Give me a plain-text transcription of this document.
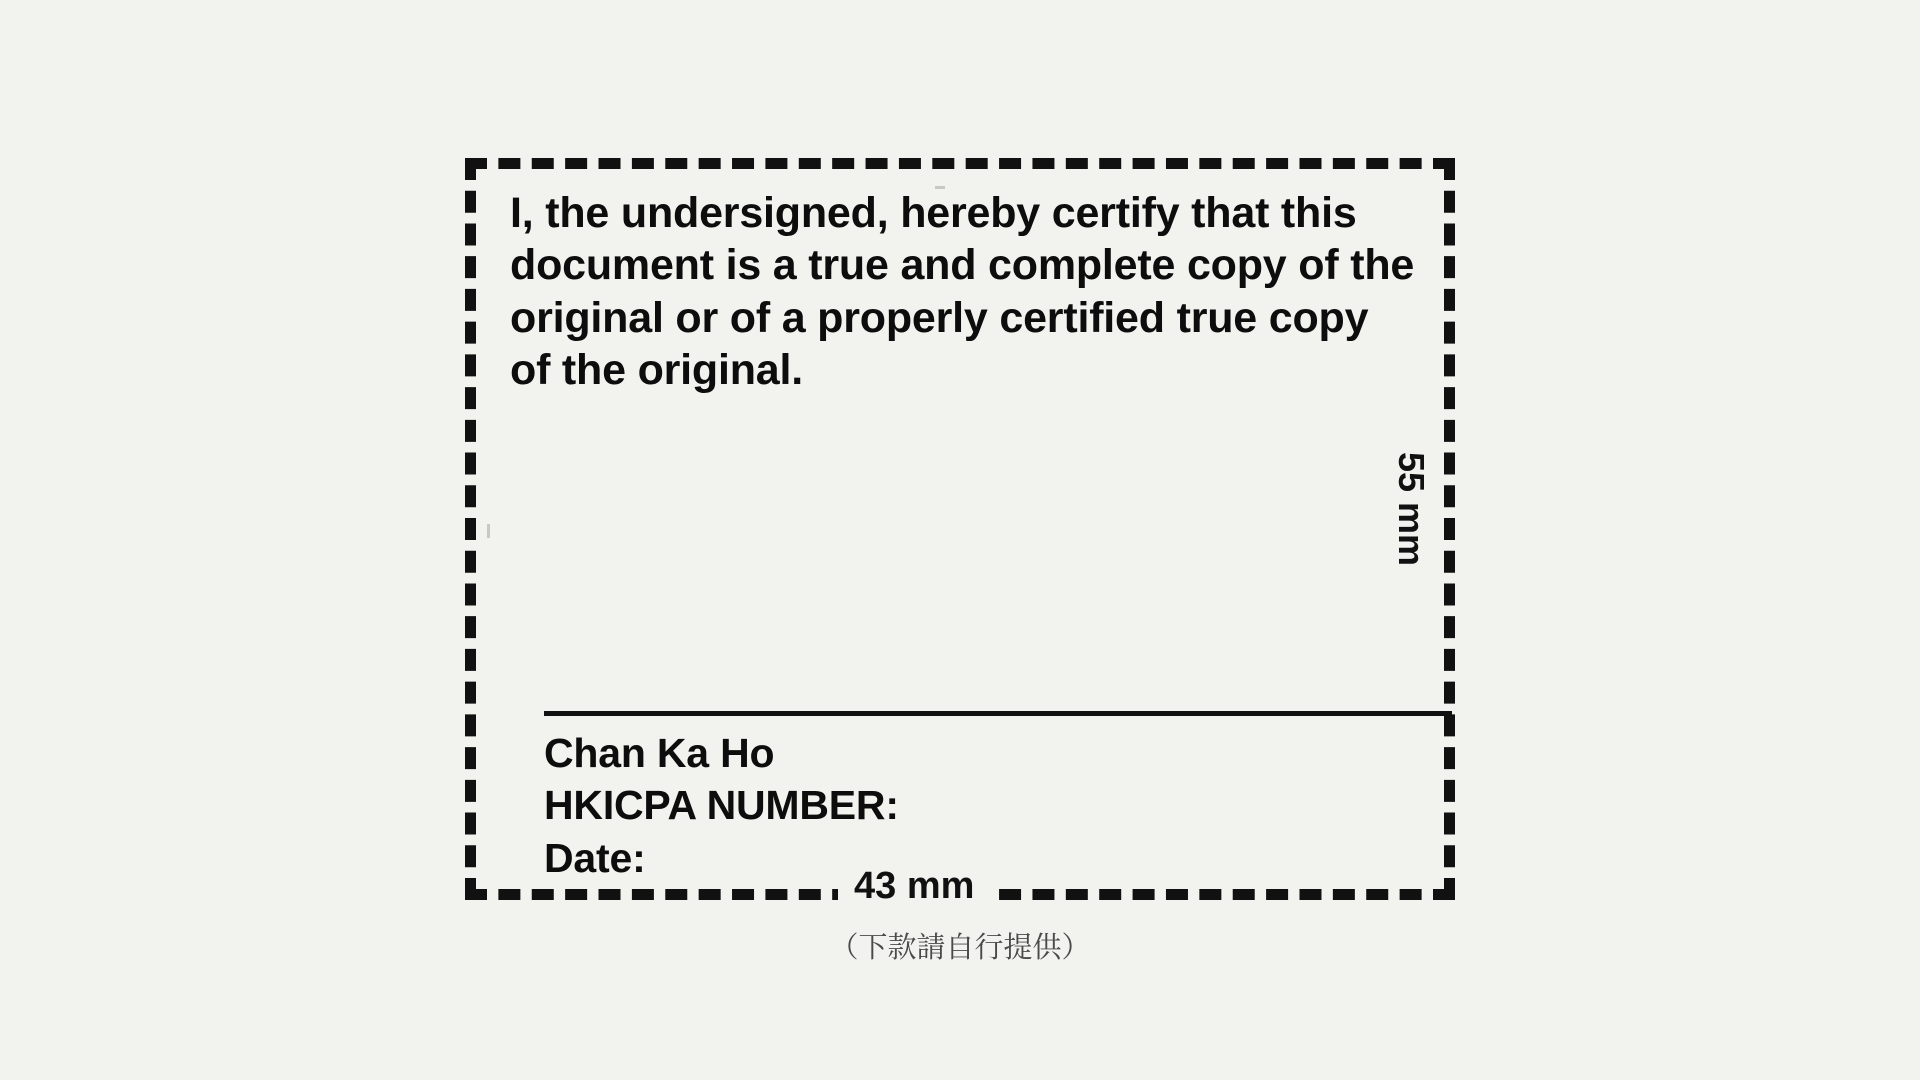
I, the undersigned, hereby certify that this document is a true and complete copy of the original or of a properly certified true copy of the original.
Chan Ka Ho
HKICPA NUMBER:
Date:
55 mm
43 mm
（下款請自行提供）
